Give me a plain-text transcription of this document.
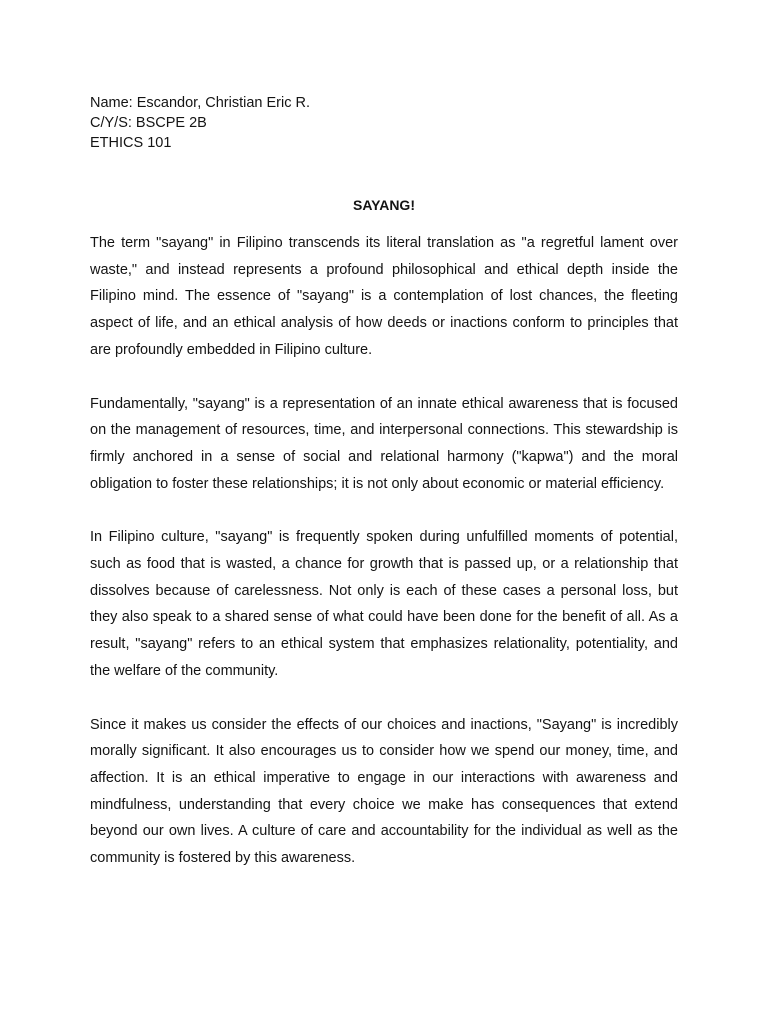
Name: Escandor, Christian Eric R.

C/Y/S: BSCPE 2B

ETHICS 101

SAYANG!

The term "sayang" in Filipino transcends its literal translation as "a regretful lament over waste," and instead represents a profound philosophical and ethical depth inside the Filipino mind. The essence of "sayang" is a contemplation of lost chances, the fleeting aspect of life, and an ethical analysis of how deeds or inactions conform to principles that are profoundly embedded in Filipino culture.

Fundamentally, "sayang" is a representation of an innate ethical awareness that is focused on the management of resources, time, and interpersonal connections. This stewardship is firmly anchored in a sense of social and relational harmony ("kapwa") and the moral obligation to foster these relationships; it is not only about economic or material efficiency.

In Filipino culture, "sayang" is frequently spoken during unfulfilled moments of potential, such as food that is wasted, a chance for growth that is passed up, or a relationship that dissolves because of carelessness. Not only is each of these cases a personal loss, but they also speak to a shared sense of what could have been done for the benefit of all. As a result, "sayang" refers to an ethical system that emphasizes relationality, potentiality, and the welfare of the community.

Since it makes us consider the effects of our choices and inactions, "Sayang" is incredibly morally significant. It also encourages us to consider how we spend our money, time, and affection. It is an ethical imperative to engage in our interactions with awareness and mindfulness, understanding that every choice we make has consequences that extend beyond our own lives. A culture of care and accountability for the individual as well as the community is fostered by this awareness.
